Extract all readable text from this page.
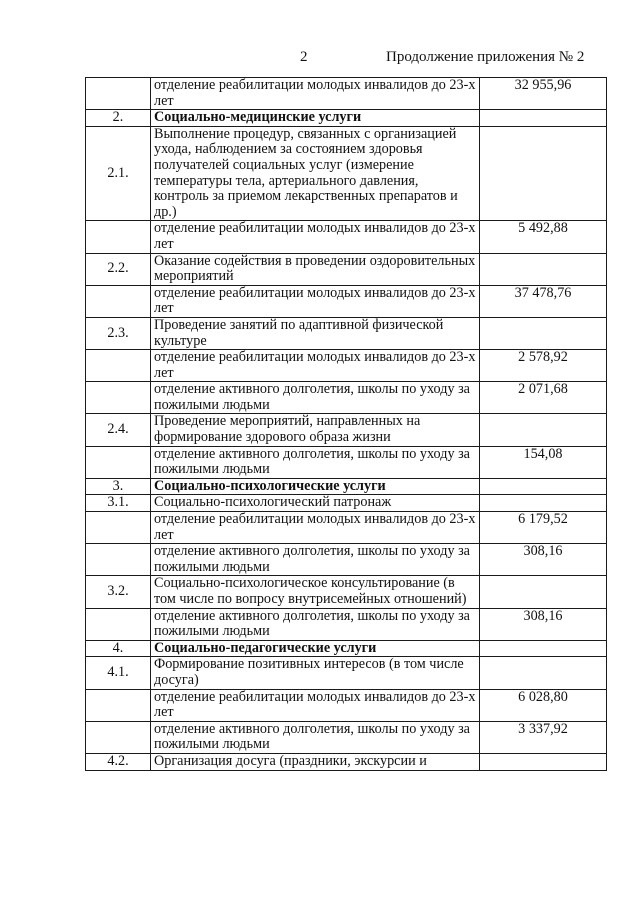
2	Продолжение приложения № 2
	отделение реабилитации молодых инвалидов до 23-х лет	32 955,96
2.	Социально-медицинские услуги	
2.1.	Выполнение процедур, связанных с организацией ухода, наблюдением за состоянием здоровья получателей социальных услуг (измерение температуры тела, артериального давления, контроль за приемом лекарственных препаратов и др.)	
	отделение реабилитации молодых инвалидов до 23-х лет	5 492,88
2.2.	Оказание содействия в проведении оздоровительных мероприятий	
	отделение реабилитации молодых инвалидов до 23-х лет	37 478,76
2.3.	Проведение занятий по адаптивной физической культуре	
	отделение реабилитации молодых инвалидов до 23-х лет	2 578,92
	отделение активного долголетия, школы по уходу за пожилыми людьми	2 071,68
2.4.	Проведение мероприятий, направленных на формирование здорового образа жизни	
	отделение активного долголетия, школы по уходу за пожилыми людьми	154,08
3.	Социально-психологические услуги	
3.1.	Социально-психологический патронаж	
	отделение реабилитации молодых инвалидов до 23-х лет	6 179,52
	отделение активного долголетия, школы по уходу за пожилыми людьми	308,16
3.2.	Социально-психологическое консультирование (в том числе по вопросу внутрисемейных отношений)	
	отделение активного долголетия, школы по уходу за пожилыми людьми	308,16
4.	Социально-педагогические услуги	
4.1.	Формирование позитивных интересов (в том числе досуга)	
	отделение реабилитации молодых инвалидов до 23-х лет	6 028,80
	отделение активного долголетия, школы по уходу за пожилыми людьми	3 337,92
4.2.	Организация досуга (праздники, экскурсии и	
